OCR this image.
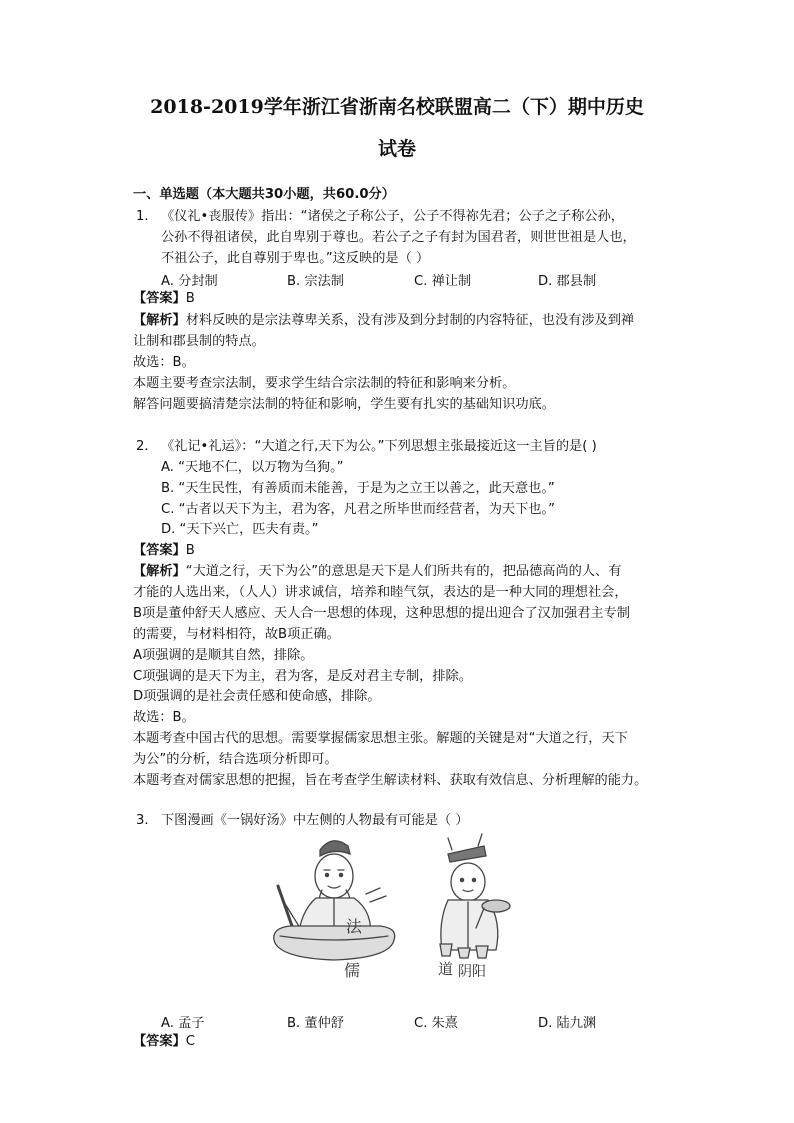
2018-2019学年浙江省浙南名校联盟高二（下）期中历史
试卷
一、单选题（本大题共30小题，共60.0分）
1. 《仪礼•丧服传》指出：“诸侯之子称公子，公子不得祢先君；公子之子称公孙，
公孙不得祖诸侯，此自卑别于尊也。若公子之子有封为国君者，则世世祖是人也，
不祖公子，此自尊别于卑也。”这反映的是（ ）
A. 分封制	B. 宗法制	C. 禅让制	D. 郡县制
【答案】B
【解析】材料反映的是宗法尊卑关系，没有涉及到分封制的内容特征，也没有涉及到禅
让制和郡县制的特点。
故选：B。
本题主要考查宗法制，要求学生结合宗法制的特征和影响来分析。
解答问题要搞清楚宗法制的特征和影响，学生要有扎实的基础知识功底。
2. 《礼记•礼运》：“大道之行,天下为公。”下列思想主张最接近这一主旨的是( )
A. “天地不仁，以万物为刍狗。”
B. “天生民性，有善质而未能善，于是为之立王以善之，此天意也。”
C. “古者以天下为主，君为客，凡君之所毕世而经营者，为天下也。”
D. “天下兴亡，匹夫有责。”
【答案】B
【解析】“大道之行，天下为公”的意思是天下是人们所共有的，把品德高尚的人、有
才能的人选出来，（人人）讲求诚信，培养和睦气氛，表达的是一种大同的理想社会，
B项是董仲舒天人感应、天人合一思想的体现，这种思想的提出迎合了汉加强君主专制
的需要，与材料相符，故B项正确。
A项强调的是顺其自然，排除。
C项强调的是天下为主，君为客，是反对君主专制，排除。
D项强调的是社会责任感和使命感，排除。
故选：B。
本题考查中国古代的思想。需要掌握儒家思想主张。解题的关键是对“大道之行，天下
为公”的分析，结合选项分析即可。
本题考查对儒家思想的把握，旨在考查学生解读材料、获取有效信息、分析理解的能力。
3. 下图漫画《一锅好汤》中左侧的人物最有可能是（ ）
法
儒	道 阴阳
A. 孟子	B. 董仲舒	C. 朱熹	D. 陆九渊
【答案】C
